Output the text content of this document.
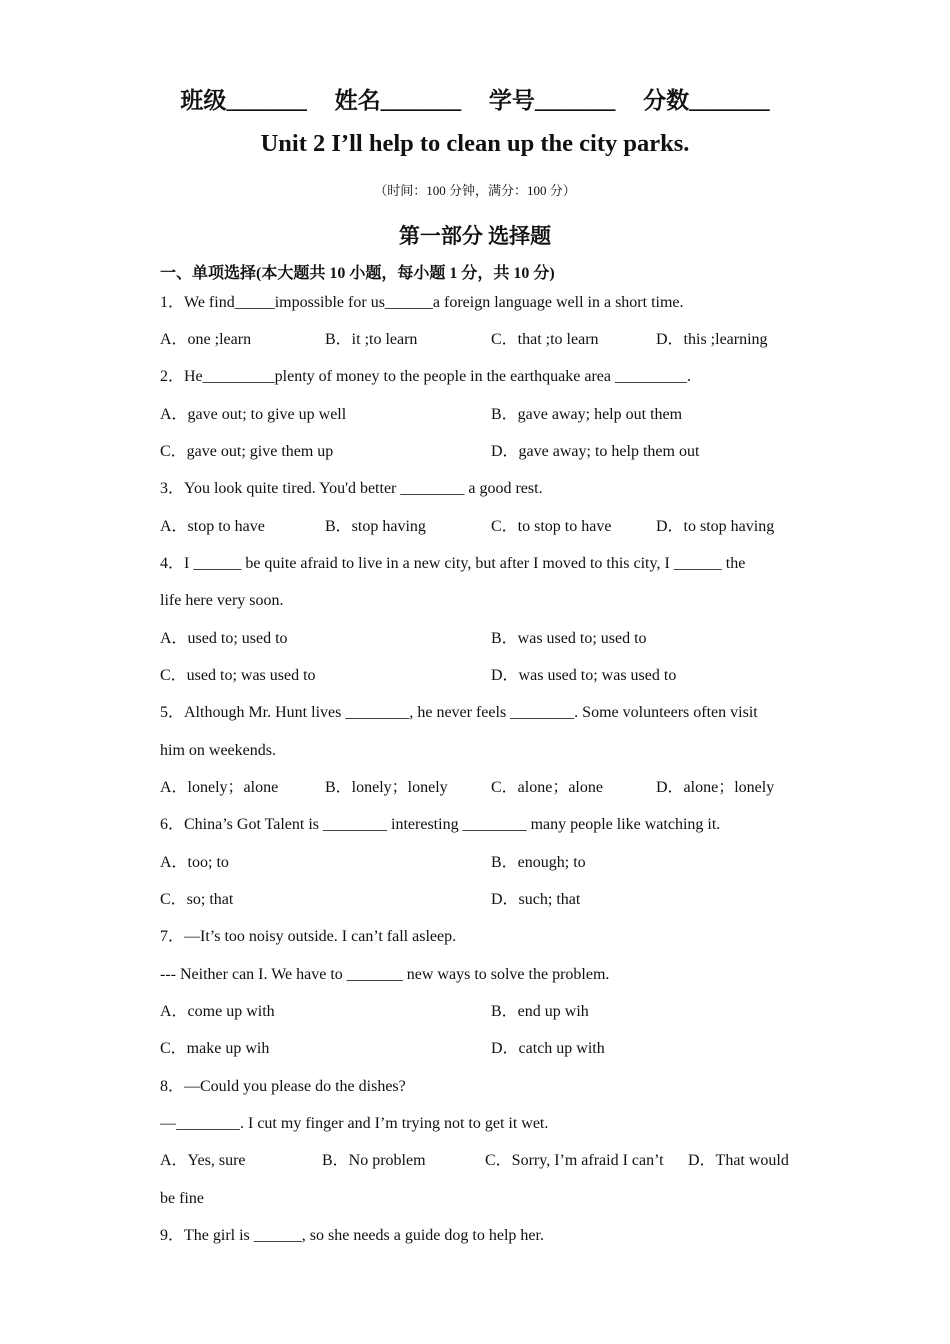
班级_______ 姓名_______ 学号_______ 分数_______
Unit 2 I’ll help to clean up the city parks.
（时间：100 分钟，满分：100 分）
第一部分 选择题
一、单项选择(本大题共 10 小题，每小题 1 分，共 10 分)
1．We find_____impossible for us______a foreign language well in a short time.
A．one ;learn	B．it ;to learn	C．that ;to learn	D．this ;learning
2．He_________plenty of money to the people in the earthquake area _________.
A．gave out; to give up well	B．gave away; help out them
C．gave out; give them up	D．gave away; to help them out
3．You look quite tired. You'd better ________ a good rest.
A．stop to have	B．stop having	C．to stop to have	D．to stop having
4．I ______ be quite afraid to live in a new city, but after I moved to this city, I ______ the
life here very soon.
A．used to; used to	B．was used to; used to
C．used to; was used to	D．was used to; was used to
5．Although Mr. Hunt lives ________, he never feels ________. Some volunteers often visit
him on weekends.
A．lonely；alone	B．lonely；lonely	C．alone；alone	D．alone；lonely
6．China’s Got Talent is ________ interesting ________ many people like watching it.
A．too; to	B．enough; to
C．so; that	D．such; that
7．—It’s too noisy outside. I can’t fall asleep.
--- Neither can I. We have to _______ new ways to solve the problem.
A．come up with	B．end up wih
C．make up wih	D．catch up with
8．—Could you please do the dishes?
—________. I cut my finger and I’m trying not to get it wet.
A．Yes, sure	B．No problem	C．Sorry, I’m afraid I can’t D．That would
be fine
9．The girl is ______, so she needs a guide dog to help her.
